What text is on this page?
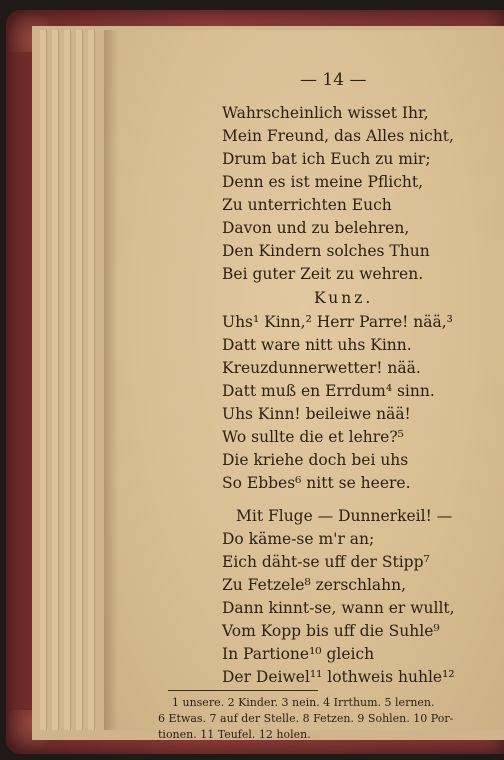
— 14 —
Wahrscheinlich wisset Ihr,
Mein Freund, das Alles nicht,
Drum bat ich Euch zu mir;
Denn es ist meine Pflicht,
Zu unterrichten Euch
Davon und zu belehren,
Den Kindern solches Thun
Bei guter Zeit zu wehren.
Kunz.
Uhs¹ Kinn,² Herr Parre! nää,³
Datt ware nitt uhs Kinn.
Kreuzdunnerwetter! nää.
Datt muß en Errdum⁴ sinn.
Uhs Kinn! beileiwe nää!
Wo sullte die et lehre?⁵
Die kriehe doch bei uhs
So Ebbes⁶ nitt se heere.
Mit Fluge — Dunnerkeil! —
Do käme-se m'r an;
Eich däht-se uff der Stipp⁷
Zu Fetzele⁸ zerschlahn,
Dann kinnt-se, wann er wullt,
Vom Kopp bis uff die Suhle⁹
In Partione¹⁰ gleich
Der Deiwel¹¹ lothweis huhle¹²
1 unsere. 2 Kinder. 3 nein. 4 Irrthum. 5 lernen.
6 Etwas. 7 auf der Stelle. 8 Fetzen. 9 Sohlen. 10 Por-
tionen. 11 Teufel. 12 holen.
